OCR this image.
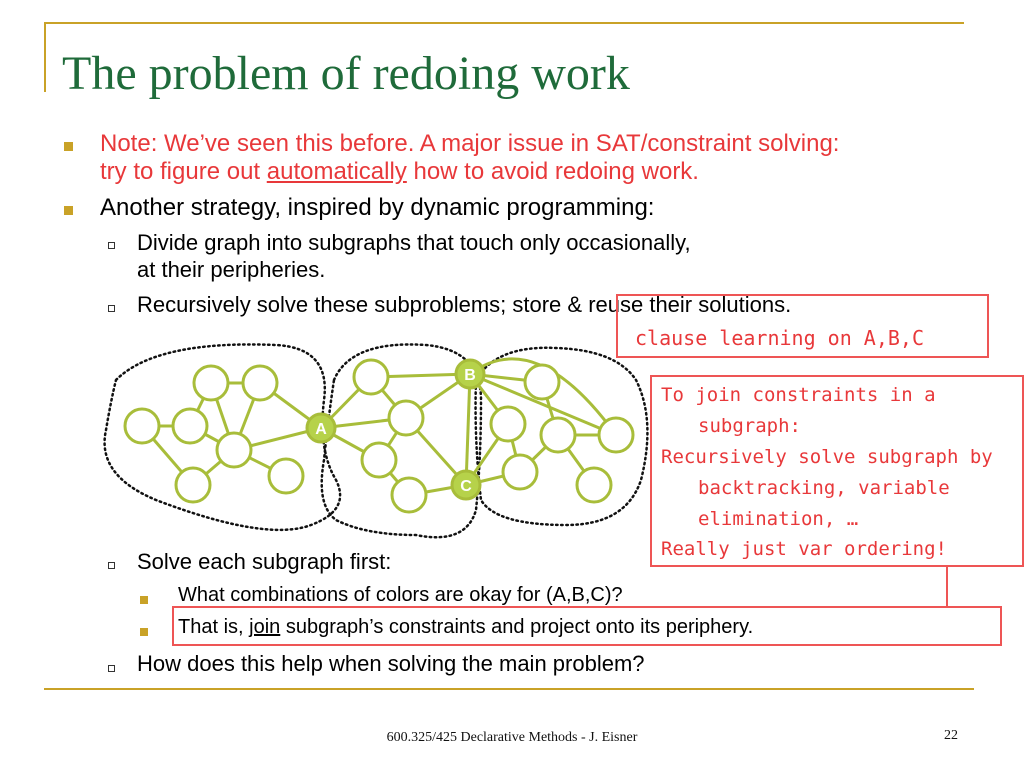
The problem of redoing work
Note: We’ve seen this before. A major issue in SAT/constraint solving:
try to figure out automatically how to avoid redoing work.
Another strategy, inspired by dynamic programming:
Divide graph into subgraphs that touch only occasionally,
at their peripheries.
Recursively solve these subproblems; store & reuse their solutions.
clause learning on A,B,C
A
B
C
To join constraints in a
subgraph:
Recursively solve subgraph by
backtracking, variable
elimination, …
Really just var ordering!
Solve each subgraph first:
What combinations of colors are okay for (A,B,C)?
That is, join subgraph’s constraints and project onto its periphery.
How does this help when solving the main problem?
600.325/425 Declarative Methods - J. Eisner	22
